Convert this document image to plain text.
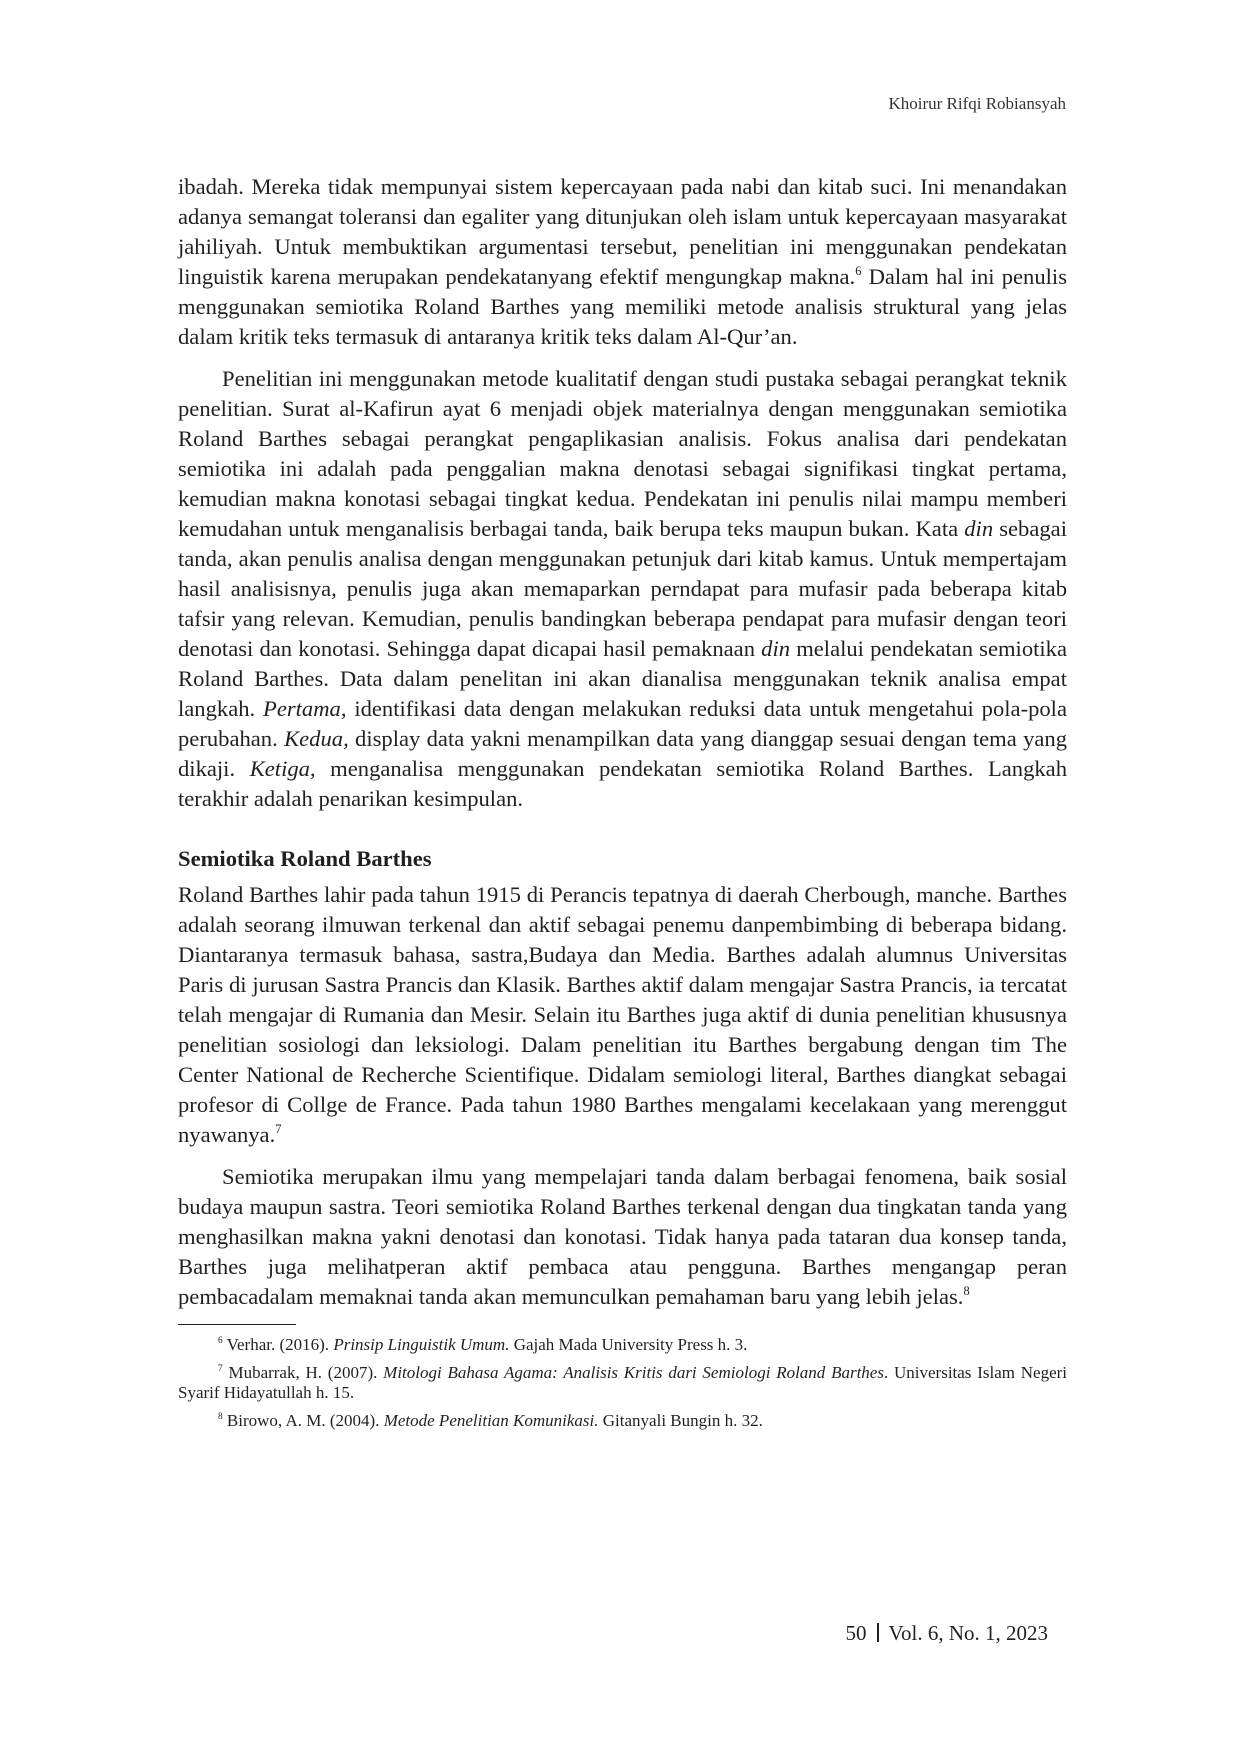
Khoirur Rifqi Robiansyah

ibadah. Mereka tidak mempunyai sistem kepercayaan pada nabi dan kitab suci. Ini menandakan adanya semangat toleransi dan egaliter yang ditunjukan oleh islam untuk kepercayaan masyarakat jahiliyah. Untuk membuktikan argumentasi tersebut, penelitian ini menggunakan pendekatan linguistik karena merupakan pendekatanyang efektif mengungkap makna.$^6$ Dalam hal ini penulis menggunakan semiotika Roland Barthes yang memiliki metode analisis struktural yang jelas dalam kritik teks termasuk di antaranya kritik teks dalam Al-Qur’an.

Penelitian ini menggunakan metode kualitatif dengan studi pustaka sebagai perangkat teknik penelitian. Surat al-Kafirun ayat 6 menjadi objek materialnya dengan menggunakan semiotika Roland Barthes sebagai perangkat pengaplikasian analisis. Fokus analisa dari pendekatan semiotika ini adalah pada penggalian makna denotasi sebagai signifikasi tingkat pertama, kemudian makna konotasi sebagai tingkat kedua. Pendekatan ini penulis nilai mampu memberi kemudahan untuk menganalisis berbagai tanda, baik berupa teks maupun bukan. Kata din sebagai tanda, akan penulis analisa dengan menggunakan petunjuk dari kitab kamus. Untuk mempertajam hasil analisisnya, penulis juga akan memaparkan perndapat para mufasir pada beberapa kitab tafsir yang relevan. Kemudian, penulis bandingkan beberapa pendapat para mufasir dengan teori denotasi dan konotasi. Sehingga dapat dicapai hasil pemaknaan din melalui pendekatan semiotika Roland Barthes. Data dalam penelitan ini akan dianalisa menggunakan teknik analisa empat langkah. Pertama, identifikasi data dengan melakukan reduksi data untuk mengetahui pola-pola perubahan. Kedua, display data yakni menampilkan data yang dianggap sesuai dengan tema yang dikaji. Ketiga, menganalisa menggunakan pendekatan semiotika Roland Barthes. Langkah terakhir adalah penarikan kesimpulan.

Semiotika Roland Barthes

Roland Barthes lahir pada tahun 1915 di Perancis tepatnya di daerah Cherbough, manche. Barthes adalah seorang ilmuwan terkenal dan aktif sebagai penemu danpembimbing di beberapa bidang. Diantaranya termasuk bahasa, sastra,Budaya dan Media. Barthes adalah alumnus Universitas Paris di jurusan Sastra Prancis dan Klasik. Barthes aktif dalam mengajar Sastra Prancis, ia tercatat telah mengajar di Rumania dan Mesir. Selain itu Barthes juga aktif di dunia penelitian khususnya penelitian sosiologi dan leksiologi. Dalam penelitian itu Barthes bergabung dengan tim The Center National de Recherche Scientifique. Didalam semiologi literal, Barthes diangkat sebagai profesor di Collge de France. Pada tahun 1980 Barthes mengalami kecelakaan yang merenggut nyawanya.$^7$

Semiotika merupakan ilmu yang mempelajari tanda dalam berbagai fenomena, baik sosial budaya maupun sastra. Teori semiotika Roland Barthes terkenal dengan dua tingkatan tanda yang menghasilkan makna yakni denotasi dan konotasi. Tidak hanya pada tataran dua konsep tanda, Barthes juga melihatperan aktif pembaca atau pengguna. Barthes mengangap peran pembacadalam memaknai tanda akan memunculkan pemahaman baru yang lebih jelas.$^8$

$^6$ Verhar. (2016). Prinsip Linguistik Umum. Gajah Mada University Press h. 3.

$^7$ Mubarrak, H. (2007). Mitologi Bahasa Agama: Analisis Kritis dari Semiologi Roland Barthes. Universitas Islam Negeri Syarif Hidayatullah h. 15.

$^8$ Birowo, A. M. (2004). Metode Penelitian Komunikasi. Gitanyali Bungin h. 32.

50 Vol. 6, No. 1, 2023
